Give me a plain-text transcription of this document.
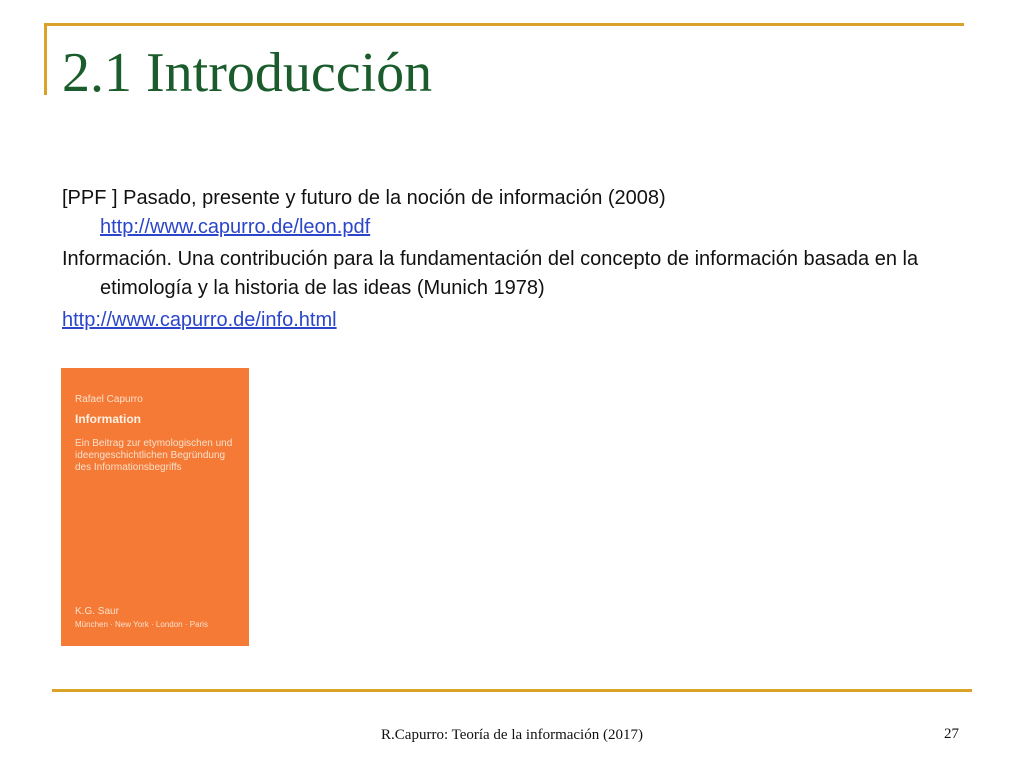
2.1 Introducción

[PPF ] Pasado, presente y futuro de la noción de información (2008)
http://www.capurro.de/leon.pdf

Información. Una contribución para la fundamentación del concepto de información basada en la etimología y la historia de las ideas (Munich 1978)

http://www.capurro.de/info.html

Rafael Capurro
Information
Ein Beitrag zur etymologischen und ideengeschichtlichen Begründung des Informationsbegriffs
K.G. Saur
München · New York · London · Paris
R.Capurro: Teoría de la información (2017)	27
